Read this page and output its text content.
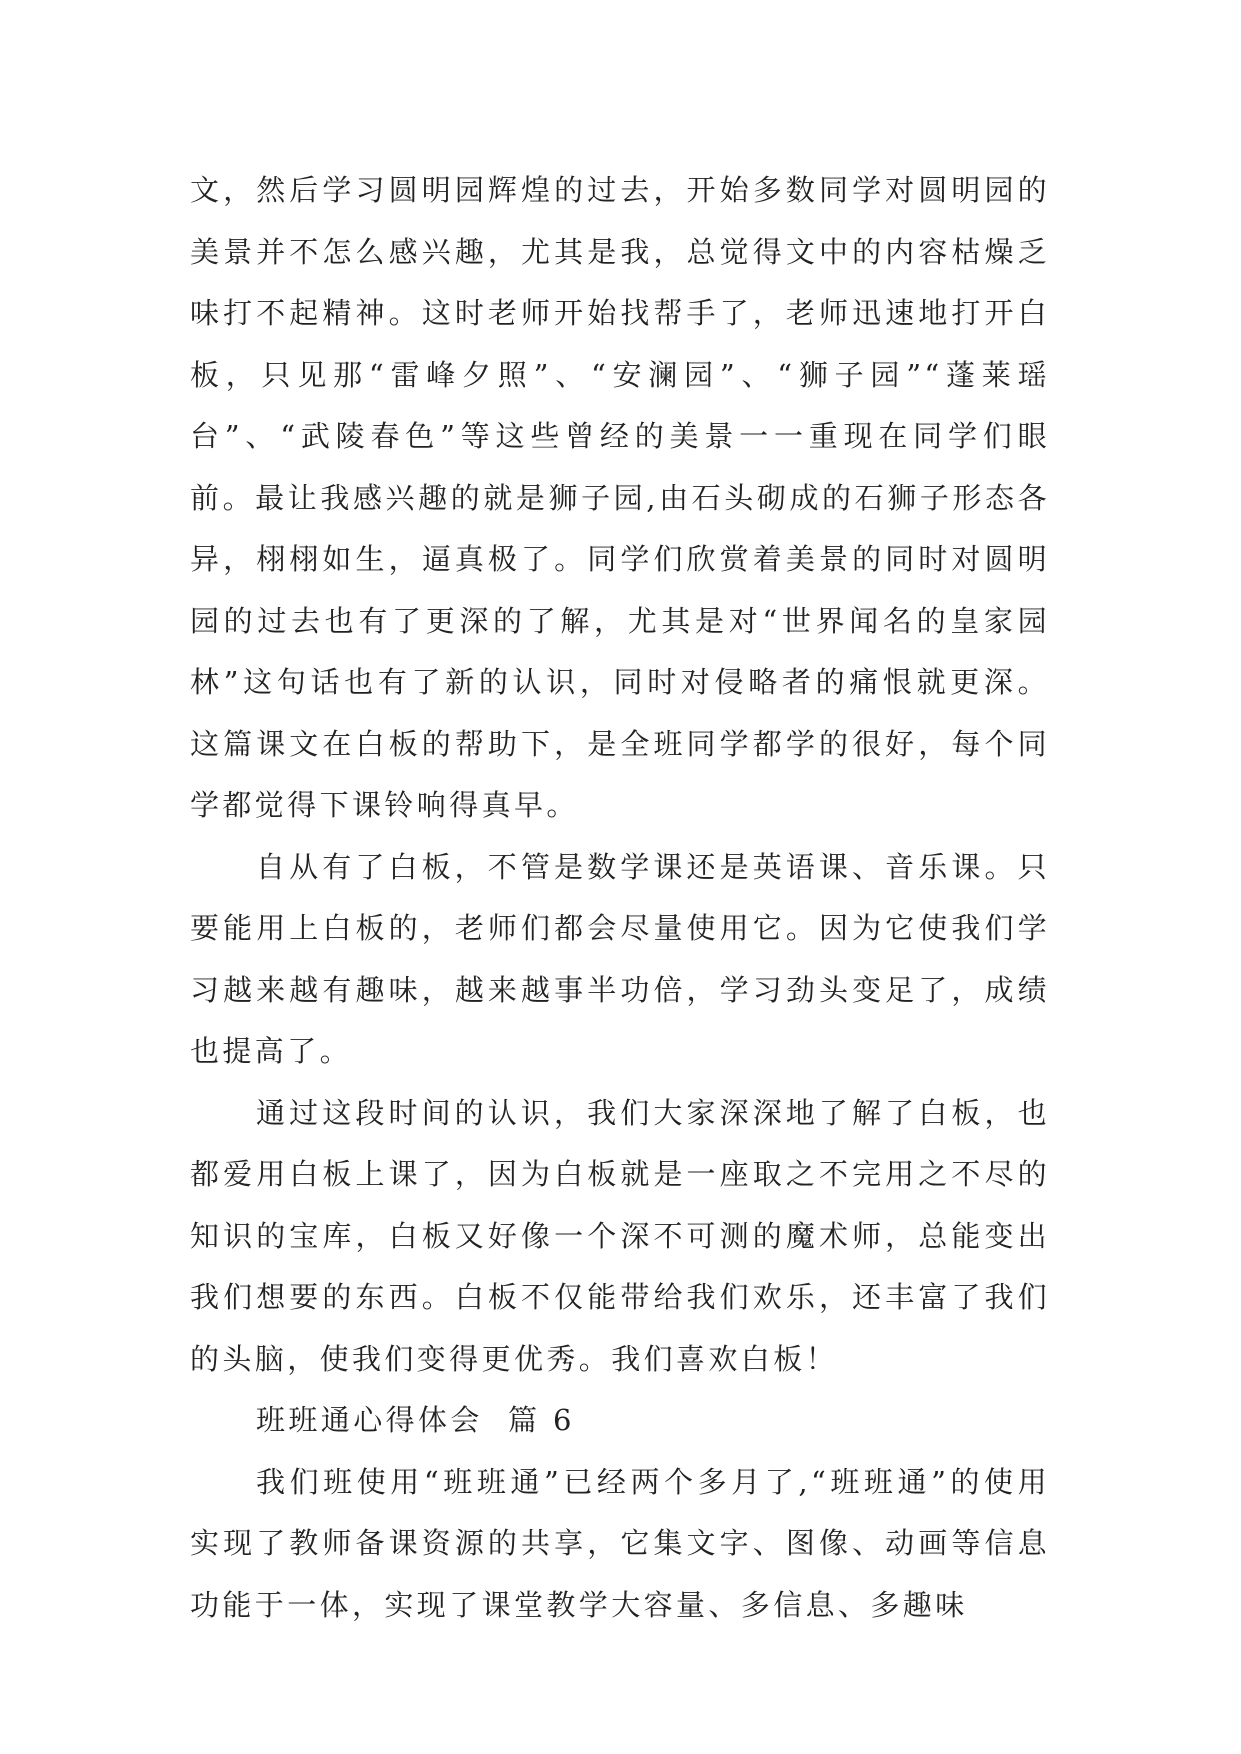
文，然后学习圆明园辉煌的过去，开始多数同学对圆明园的美景并不怎么感兴趣，尤其是我，总觉得文中的内容枯燥乏味打不起精神。这时老师开始找帮手了，老师迅速地打开白板，只见那“雷峰夕照”、“安澜园”、“狮子园”“蓬莱瑶台”、“武陵春色”等这些曾经的美景一一重现在同学们眼前。最让我感兴趣的就是狮子园,由石头砌成的石狮子形态各异，栩栩如生，逼真极了。同学们欣赏着美景的同时对圆明园的过去也有了更深的了解，尤其是对“世界闻名的皇家园林”这句话也有了新的认识，同时对侵略者的痛恨就更深。这篇课文在白板的帮助下，是全班同学都学的很好，每个同学都觉得下课铃响得真早。

自从有了白板，不管是数学课还是英语课、音乐课。只要能用上白板的，老师们都会尽量使用它。因为它使我们学习越来越有趣味，越来越事半功倍，学习劲头变足了，成绩也提高了。

通过这段时间的认识，我们大家深深地了解了白板，也都爱用白板上课了，因为白板就是一座取之不完用之不尽的知识的宝库，白板又好像一个深不可测的魔术师，总能变出我们想要的东西。白板不仅能带给我们欢乐，还丰富了我们的头脑，使我们变得更优秀。我们喜欢白板！

班班通心得体会  篇 6

我们班使用“班班通”已经两个多月了,“班班通”的使用实现了教师备课资源的共享，它集文字、图像、动画等信息功能于一体，实现了课堂教学大容量、多信息、多趣味
